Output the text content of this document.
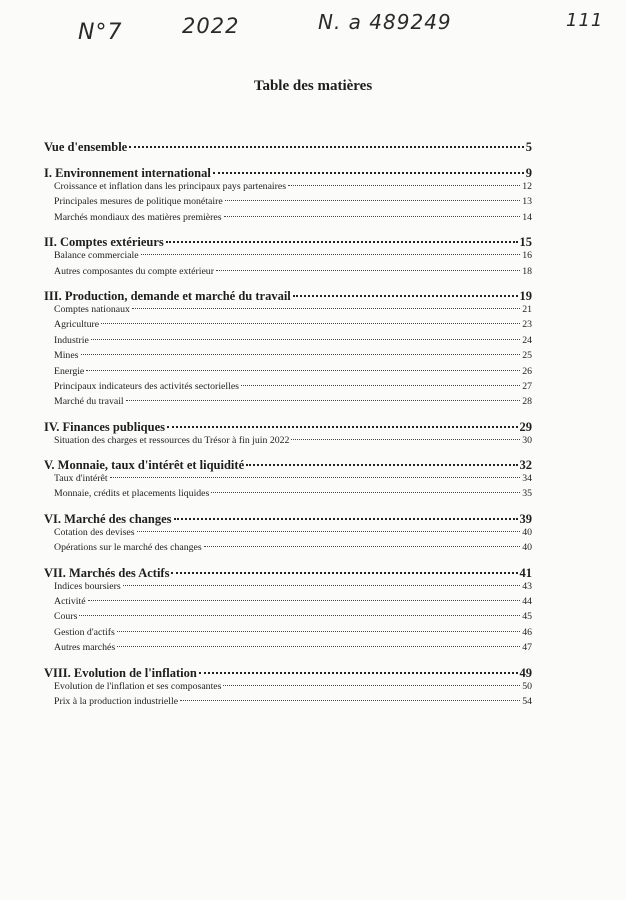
N°7	2022	N. a 489249	111
Table des matières
Vue d'ensemble	5
I. Environnement international	9
Croissance et inflation dans les principaux pays partenaires	12
Principales mesures de politique monétaire	13
Marchés mondiaux des matières premières	14
II. Comptes extérieurs	15
Balance commerciale	16
Autres composantes du compte extérieur	18
III. Production, demande et marché du travail	19
Comptes nationaux	21
Agriculture	23
Industrie	24
Mines	25
Energie	26
Principaux indicateurs des activités sectorielles	27
Marché du travail	28
IV. Finances publiques	29
Situation des charges et ressources du Trésor à fin juin 2022	30
V. Monnaie, taux d'intérêt et liquidité	32
Taux d'intérêt	34
Monnaie, crédits et placements liquides	35
VI. Marché des changes	39
Cotation des devises	40
Opérations sur le marché des changes	40
VII. Marchés des Actifs	41
Indices boursiers	43
Activité	44
Cours	45
Gestion d'actifs	46
Autres marchés	47
VIII. Evolution de l'inflation	49
Evolution de l'inflation et ses composantes	50
Prix à la production industrielle	54
